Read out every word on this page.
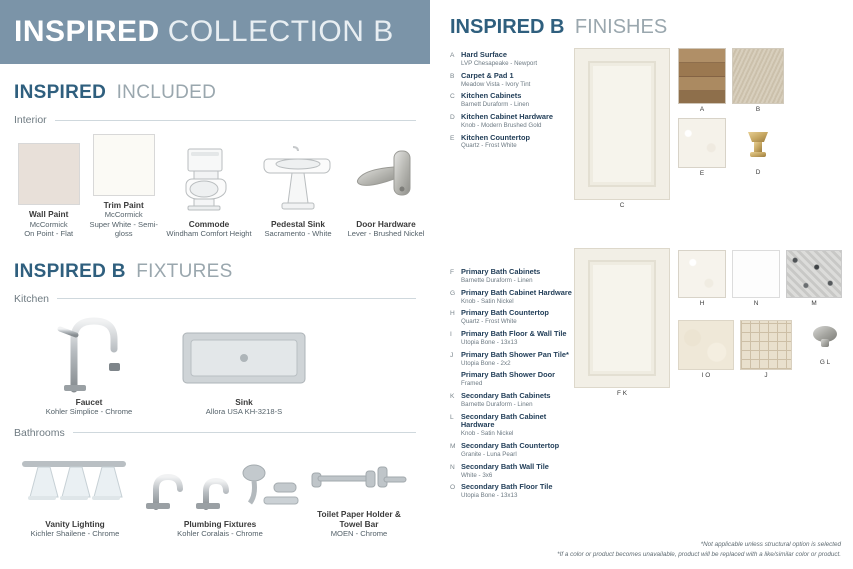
INSPIRED COLLECTION B
INSPIRED INCLUDED
Interior
Wall Paint
McCormick
On Point - Flat
Trim Paint
McCormick
Super White - Semi-gloss
Commode
Windham Comfort Height
Pedestal Sink
Sacramento - White
Door Hardware
Lever - Brushed Nickel
INSPIRED B FIXTURES
Kitchen
Faucet
Kohler Simplice - Chrome
Sink
Allora USA KH-3218-S
Bathrooms
Vanity Lighting
Kichler Shailene - Chrome
Plumbing Fixtures
Kohler Coralais - Chrome
Toilet Paper Holder &
Towel Bar
MOEN - Chrome
INSPIRED B FINISHES
A Hard Surface
LVP Chesapeake - Newport
B Carpet & Pad 1
Meadow Vista - Ivory Tint
C Kitchen Cabinets
Barnett Duraform - Linen
D Kitchen Cabinet Hardware
Knob - Modern Brushed Gold
E Kitchen Countertop
Quartz - Frost White
C
A	B
E	D
F Primary Bath Cabinets
Barnette Duraform - Linen
G Primary Bath Cabinet Hardware
Knob - Satin Nickel
H Primary Bath Countertop
Quartz - Frost White
I	Primary Bath Floor & Wall Tile
Utopia Bone - 13x13
J	Primary Bath Shower Pan Tile*
Utopia Bone - 2x2
Primary Bath Shower Door
Framed
K Secondary Bath Cabinets
Barnette Duraform - Linen
L Secondary Bath Cabinet Hardware
Knob - Satin Nickel
M Secondary Bath Countertop
Granite - Luna Pearl
N Secondary Bath Wall Tile
White - 3x6
O Secondary Bath Floor Tile
Utopia Bone - 13x13
F K
H	N	M
I O	J
G L
*Not applicable unless structural option is selected
*If a color or product becomes unavailable, product will be replaced with a like/similar color or product.
